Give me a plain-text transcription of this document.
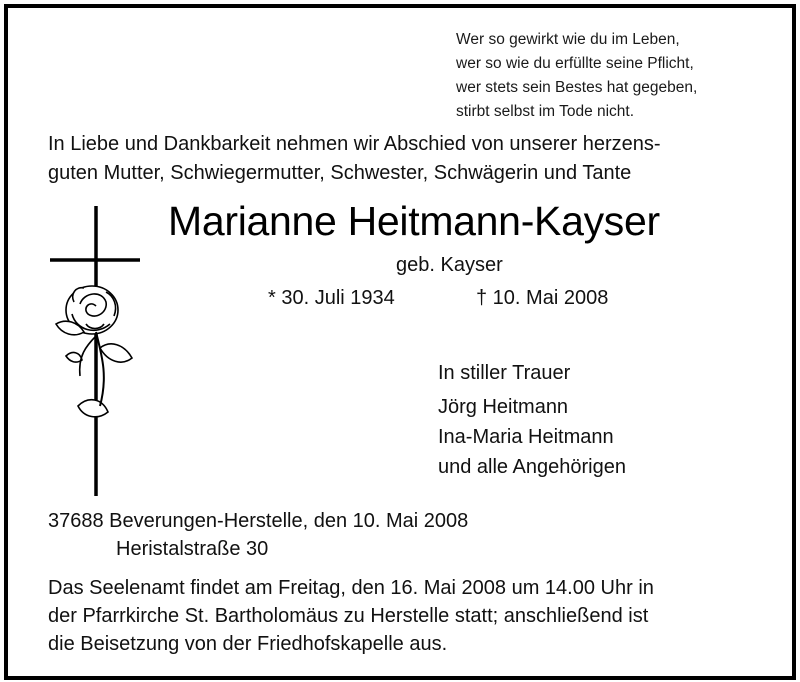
Wer so gewirkt wie du im Leben,
wer so wie du erfüllte seine Pflicht,
wer stets sein Bestes hat gegeben,
stirbt selbst im Tode nicht.
In Liebe und Dankbarkeit nehmen wir Abschied von unserer herzens-
guten Mutter, Schwiegermutter, Schwester, Schwägerin und Tante
Marianne Heitmann-Kayser
geb. Kayser
* 30. Juli 1934	† 10. Mai 2008
In stiller Trauer
Jörg Heitmann
Ina-Maria Heitmann
und alle Angehörigen
37688 Beverungen-Herstelle, den 10. Mai 2008
Heristalstraße 30
Das Seelenamt findet am Freitag, den 16. Mai 2008 um 14.00 Uhr in
der Pfarrkirche St. Bartholomäus zu Herstelle statt; anschließend ist
die Beisetzung von der Friedhofskapelle aus.
